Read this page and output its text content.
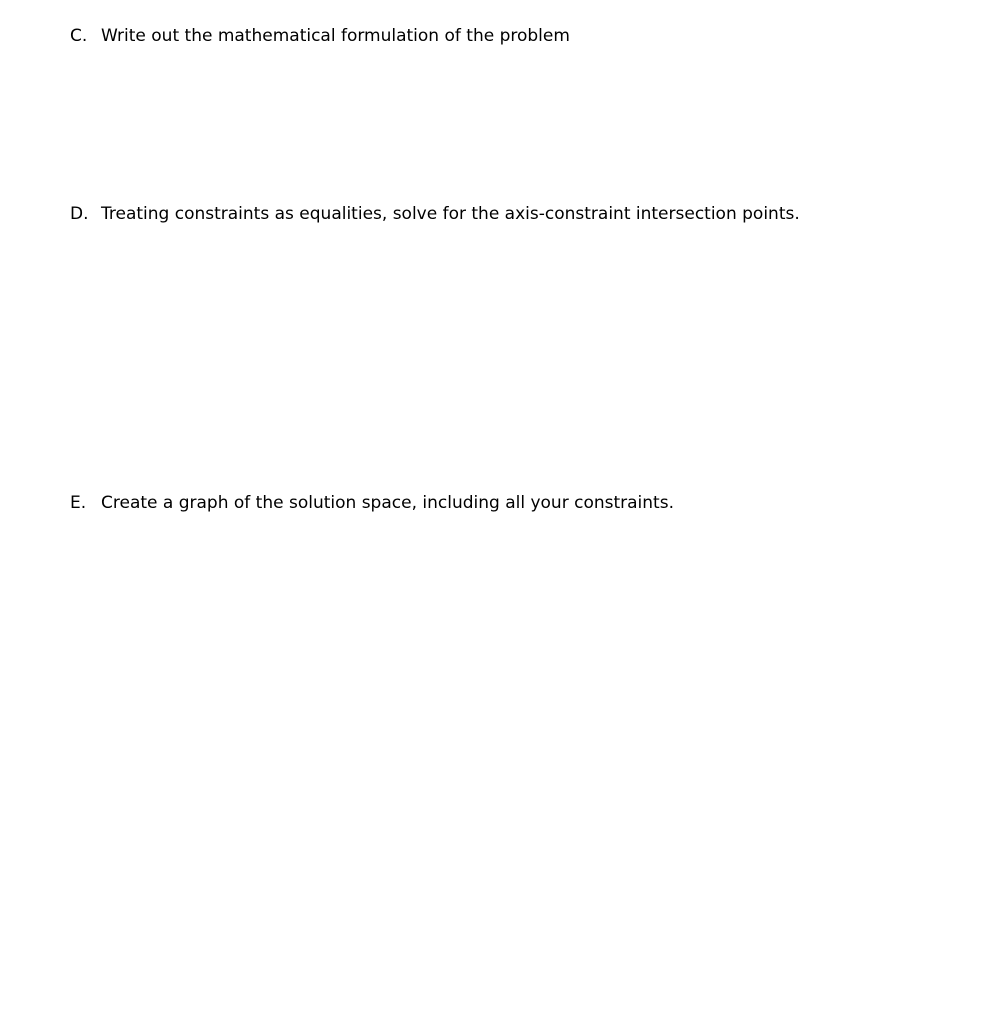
C. Write out the mathematical formulation of the problem
D. Treating constraints as equalities, solve for the axis-constraint intersection points.
E. Create a graph of the solution space, including all your constraints.
